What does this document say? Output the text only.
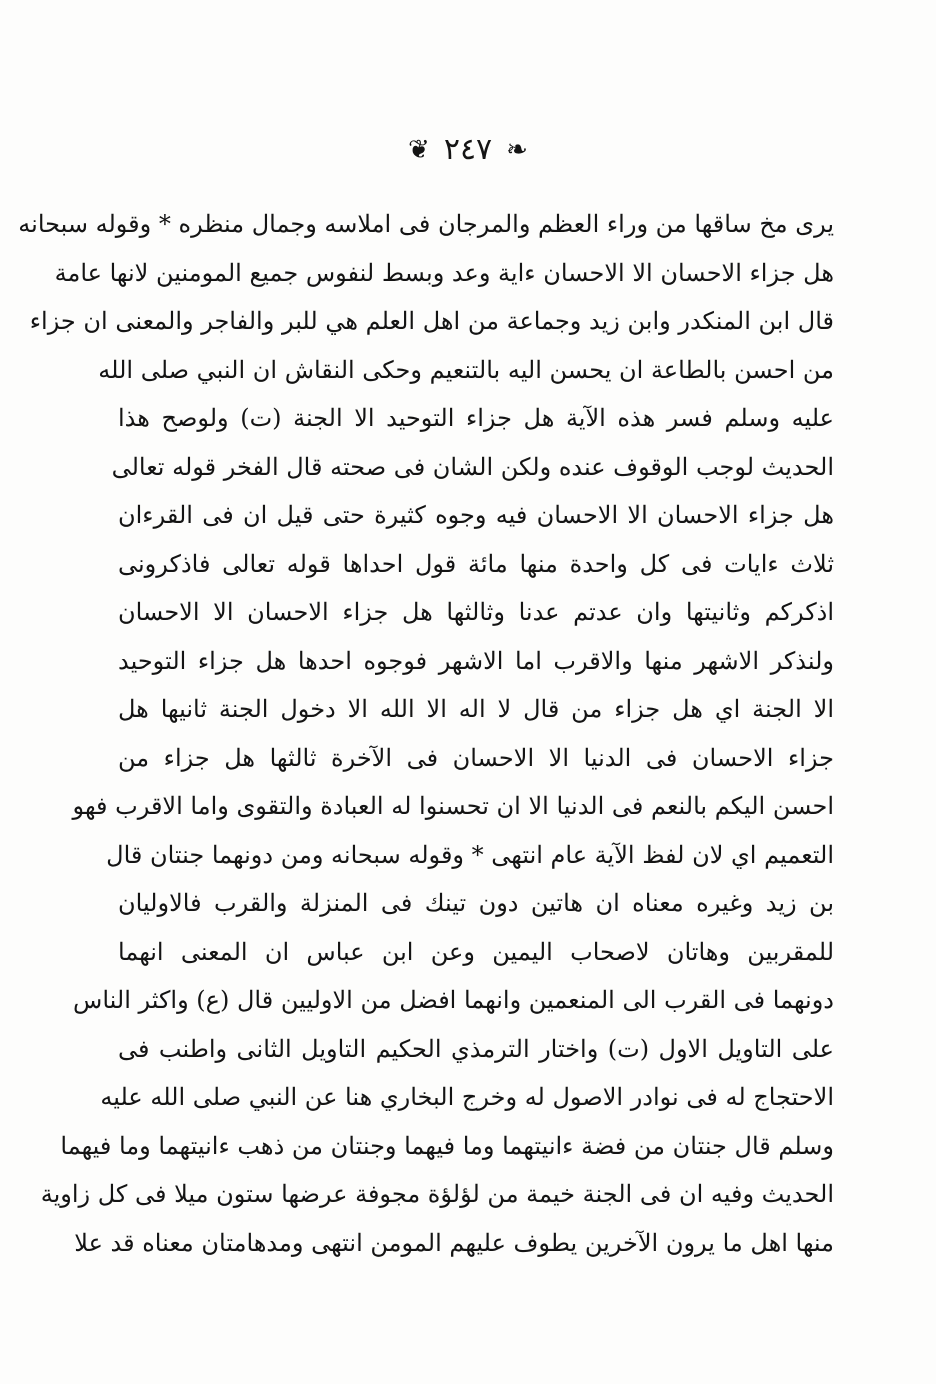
❦ ٢٤٧ ❧
يرى مخ ساقها من وراء العظم والمرجان فى املاسه وجمال منظره * وقوله سبحانه
هل جزاء الاحسان الا الاحسان ءاية وعد وبسط لنفوس جميع المومنين لانها عامة
قال ابن المنكدر وابن زيد وجماعة من اهل العلم هي للبر والفاجر والمعنى ان جزاء
من احسن بالطاعة ان يحسن اليه بالتنعيم وحكى النقاش ان النبي صلى الله
عليه وسلم فسر هذه الآية هل جزاء التوحيد الا الجنة (ت) ولوصح هذا
الحديث لوجب الوقوف عنده ولكن الشان فى صحته قال الفخر قوله تعالى
هل جزاء الاحسان الا الاحسان فيه وجوه كثيرة حتى قيل ان فى القرءان
ثلاث ءايات فى كل واحدة منها مائة قول احداها قوله تعالى فاذكرونى
اذكركم وثانيتها وان عدتم عدنا وثالثها هل جزاء الاحسان الا الاحسان
ولنذكر الاشهر منها والاقرب اما الاشهر فوجوه احدها هل جزاء التوحيد
الا الجنة اي هل جزاء من قال لا اله الا الله الا دخول الجنة ثانيها هل
جزاء الاحسان فى الدنيا الا الاحسان فى الآخرة ثالثها هل جزاء من
احسن اليكم بالنعم فى الدنيا الا ان تحسنوا له العبادة والتقوى واما الاقرب فهو
التعميم اي لان لفظ الآية عام انتهى * وقوله سبحانه ومن دونهما جنتان قال
بن زيد وغيره معناه ان هاتين دون تينك فى المنزلة والقرب فالاوليان
للمقربين وهاتان لاصحاب اليمين وعن ابن عباس ان المعنى انهما
دونهما فى القرب الى المنعمين وانهما افضل من الاوليين قال (ع) واكثر الناس
على التاويل الاول (ت) واختار الترمذي الحكيم التاويل الثانى واطنب فى
الاحتجاج له فى نوادر الاصول له وخرج البخاري هنا عن النبي صلى الله عليه
وسلم قال جنتان من فضة ءانيتهما وما فيهما وجنتان من ذهب ءانيتهما وما فيهما
الحديث وفيه ان فى الجنة خيمة من لؤلؤة مجوفة عرضها ستون ميلا فى كل زاوية
منها اهل ما يرون الآخرين يطوف عليهم المومن انتهى ومدهامتان معناه قد علا
